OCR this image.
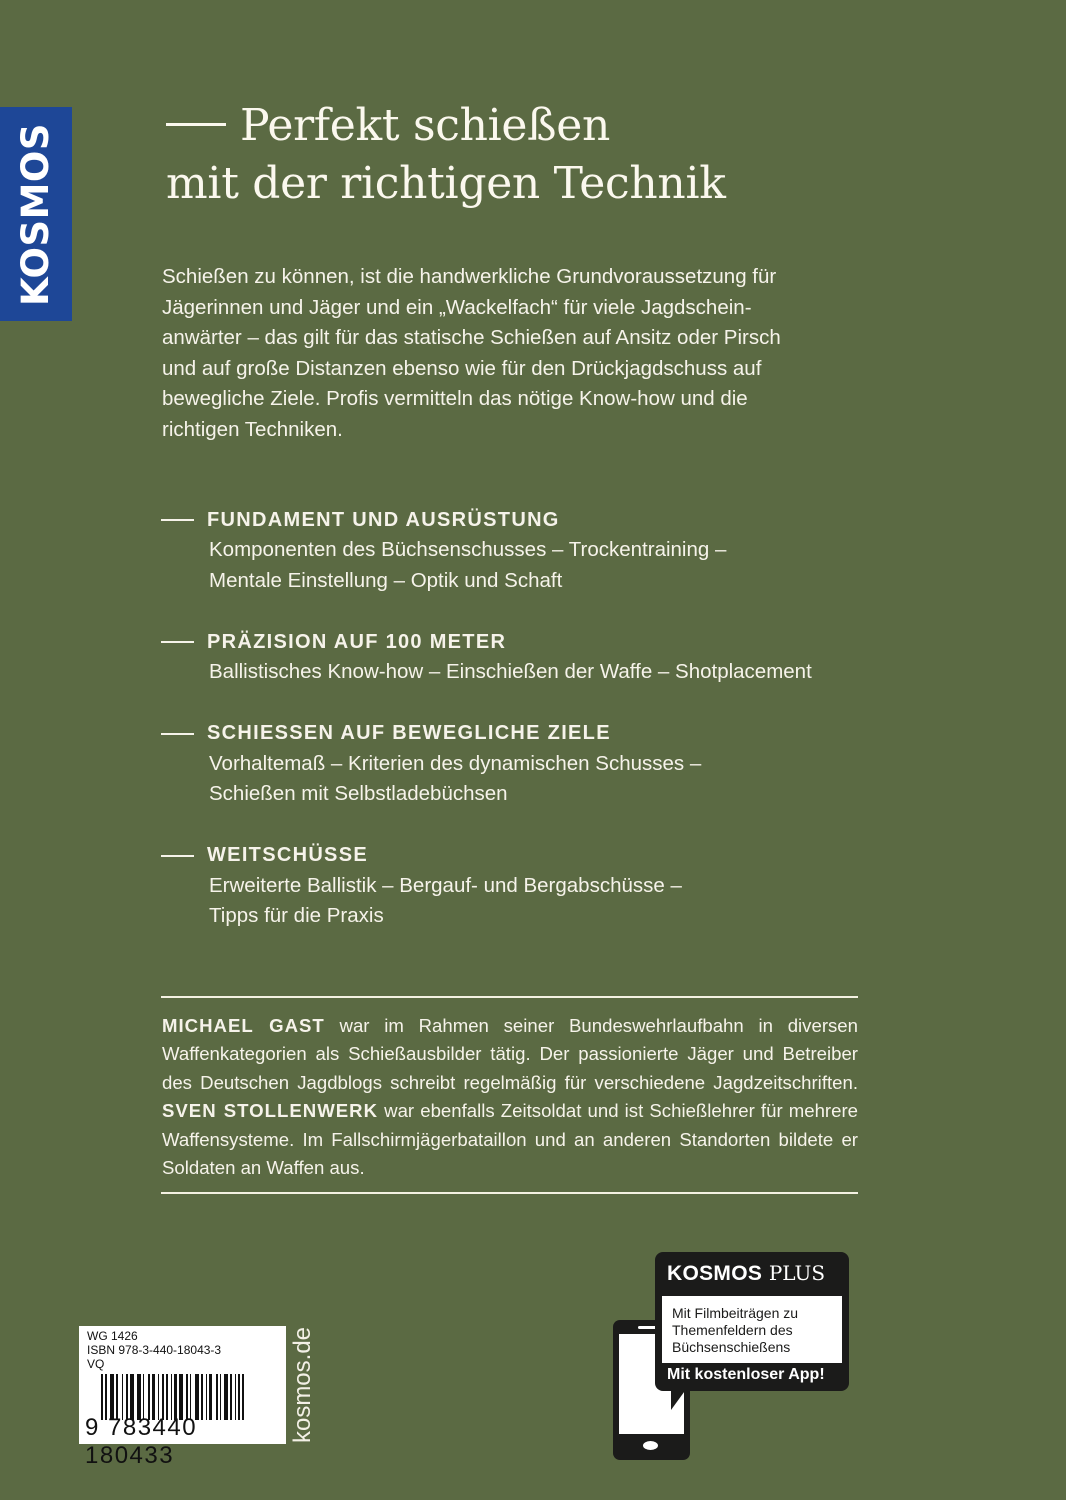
KOSMOS	Perfekt schießen
mit der richtigen Technik
Schießen zu können, ist die handwerkliche Grundvoraussetzung für
Jägerinnen und Jäger und ein „Wackelfach“ für viele Jagdschein-
anwärter – das gilt für das statische Schießen auf Ansitz oder Pirsch
und auf große Distanzen ebenso wie für den Drückjagdschuss auf
bewegliche Ziele. Profis vermitteln das nötige Know-how und die
richtigen Techniken.
FUNDAMENT UND AUSRÜSTUNG
Komponenten des Büchsenschusses – Trockentraining –
Mentale Einstellung – Optik und Schaft
PRÄZISION AUF 100 METER
Ballistisches Know-how – Einschießen der Waffe – Shotplacement
SCHIESSEN AUF BEWEGLICHE ZIELE
Vorhaltemaß – Kriterien des dynamischen Schusses –
Schießen mit Selbstladebüchsen
WEITSCHÜSSE
Erweiterte Ballistik – Bergauf- und Bergabschüsse –
Tipps für die Praxis
MICHAEL GAST war im Rahmen seiner Bundeswehrlaufbahn in diversen Waffenkategorien als Schießausbilder tätig. Der passionierte Jäger und Betreiber des Deutschen Jagdblogs schreibt regelmäßig für verschiedene Jagdzeitschriften. SVEN STOLLENWERK war ebenfalls Zeitsoldat und ist Schießlehrer für mehrere Waffensysteme. Im Fallschirmjägerbataillon und an anderen Standorten bildete er Soldaten an Waffen aus.
WG 1426
ISBN 978-3-440-18043-3
VQ
9 783440 180433
kosmos.de
KOSMOS PLUS
Mit Filmbeiträgen zu
Themenfeldern des
Büchsenschießens
Mit kostenloser App!
